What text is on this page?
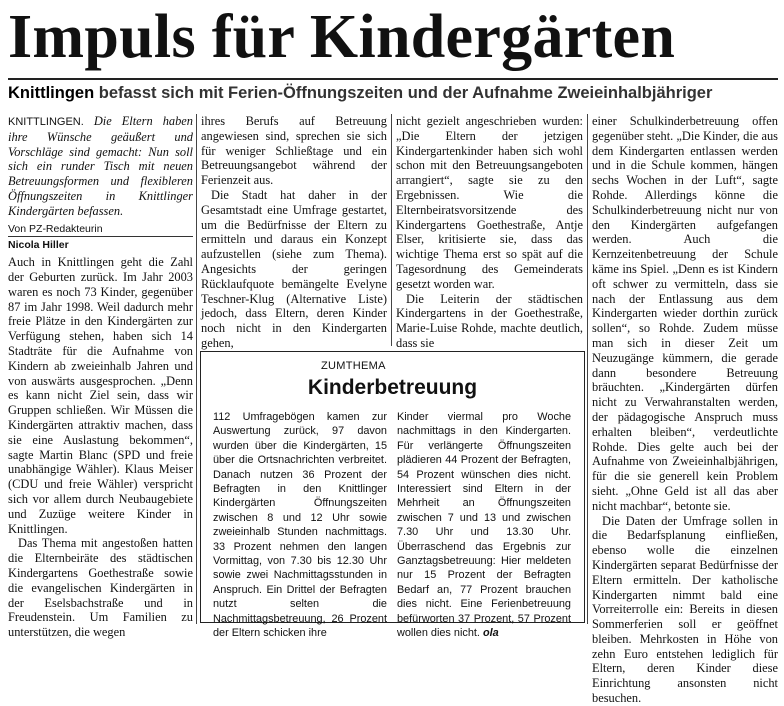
Impuls für Kindergärten
Knittlingen befasst sich mit Ferien-Öffnungszeiten und der Aufnahme Zweieinhalbjähriger

KNITTLINGEN. Die Eltern haben ihre Wünsche geäußert und Vorschläge sind gemacht: Nun soll sich ein runder Tisch mit neuen Betreuungsformen und flexibleren Öffnungszeiten in Knittlinger Kindergärten befassen.

Von PZ-Redakteurin
Nicola Hiller

Auch in Knittlingen geht die Zahl der Geburten zurück. Im Jahr 2003 waren es noch 73 Kinder, gegenüber 87 im Jahr 1998. Weil dadurch mehr freie Plätze in den Kindergärten zur Verfügung stehen, haben sich 14 Stadträte für die Aufnahme von Kindern ab zweieinhalb Jahren und von auswärts ausgesprochen. „Denn es kann nicht Ziel sein, dass wir Gruppen schließen. Wir Müssen die Kindergärten attraktiv machen, dass sie eine Auslastung bekommen“, sagte Martin Blanc (SPD und freie unabhängige Wähler). Klaus Meiser (CDU und freie Wähler) verspricht sich vor allem durch Neubaugebiete und Zuzüge weitere Kinder in Knittlingen.

Das Thema mit angestoßen hatten die Elternbeiräte des städtischen Kindergartens Goethestraße sowie die evangelischen Kindergärten in der Eselsbachstraße und in Freudenstein. Um Familien zu unterstützen, die wegen

ihres Berufs auf Betreuung angewiesen sind, sprechen sie sich für weniger Schließtage und ein Betreuungsangebot während der Ferienzeit aus.

Die Stadt hat daher in der Gesamtstadt eine Umfrage gestartet, um die Bedürfnisse der Eltern zu ermitteln und daraus ein Konzept aufzustellen (siehe zum Thema). Angesichts der geringen Rücklaufquote bemängelte Evelyne Teschner-Klug (Alternative Liste) jedoch, dass Eltern, deren Kinder noch nicht in den Kindergarten gehen,

nicht gezielt angeschrieben wurden: „Die Eltern der jetzigen Kindergartenkinder haben sich wohl schon mit den Betreuungsangeboten arrangiert“, sagte sie zu den Ergebnissen. Wie die Elternbeiratsvorsitzende des Kindergartens Goethestraße, Antje Elser, kritisierte sie, dass das wichtige Thema erst so spät auf die Tagesordnung des Gemeinderats gesetzt worden war.

Die Leiterin der städtischen Kindergartens in der Goethestraße, Marie-Luise Rohde, machte deutlich, dass sie

einer Schulkinderbetreuung offen gegenüber steht. „Die Kinder, die aus dem Kindergarten entlassen werden und in die Schule kommen, hängen sechs Wochen in der Luft“, sagte Rohde. Allerdings könne die Schulkinderbetreuung nicht nur von den Kindergärten aufgefangen werden. Auch die Kernzeitenbetreuung der Schule käme ins Spiel. „Denn es ist Kindern oft schwer zu vermitteln, dass sie nach der Entlassung aus dem Kindergarten wieder dorthin zurück sollen“, so Rohde. Zudem müsse man sich in dieser Zeit um Neuzugänge kümmern, die gerade dann besondere Betreuung bräuchten. „Kindergärten dürfen nicht zu Verwahranstalten werden, der pädagogische Anspruch muss erhalten bleiben“, verdeutlichte Rohde. Dies gelte auch bei der Aufnahme von Zweieinhalbjährigen, für die sie generell kein Problem sieht. „Ohne Geld ist all das aber nicht machbar“, betonte sie.

Die Daten der Umfrage sollen in die Bedarfsplanung einfließen, ebenso wolle die einzelnen Kindergärten separat Bedürfnisse der Eltern ermitteln. Der katholische Kindergarten nimmt bald eine Vorreiterrolle ein: Bereits in diesen Sommerferien soll er geöffnet bleiben. Mehrkosten in Höhe von zehn Euro entstehen lediglich für Eltern, deren Kinder diese Einrichtung ansonsten nicht besuchen.

ZUMTHEMA
Kinderbetreuung

112 Umfragebögen kamen zur Auswertung zurück, 97 davon wurden über die Kindergärten, 15 über die Ortsnachrichten verbreitet. Danach nutzen 36 Prozent der Befragten in den Knittlinger Kindergärten Öffnungszeiten zwischen 8 und 12 Uhr sowie zweieinhalb Stunden nachmittags. 33 Prozent nehmen den langen Vormittag, von 7.30 bis 12.30 Uhr sowie zwei Nachmittagsstunden in Anspruch. Ein Drittel der Befragten nutzt selten die Nachmittagsbetreuung, 26 Prozent der Eltern schicken ihre

Kinder viermal pro Woche nachmittags in den Kindergarten. Für verlängerte Öffnungszeiten plädieren 44 Prozent der Befragten, 54 Prozent wünschen dies nicht. Interessiert sind Eltern in der Mehrheit an Öffnungszeiten zwischen 7 und 13 und zwischen 7.30 Uhr und 13.30 Uhr. Überraschend das Ergebnis zur Ganztagsbetreuung: Hier meldeten nur 15 Prozent der Befragten Bedarf an, 77 Prozent brauchen dies nicht. Eine Ferienbetreuung befürworten 37 Prozent, 57 Prozent wollen dies nicht. ola
